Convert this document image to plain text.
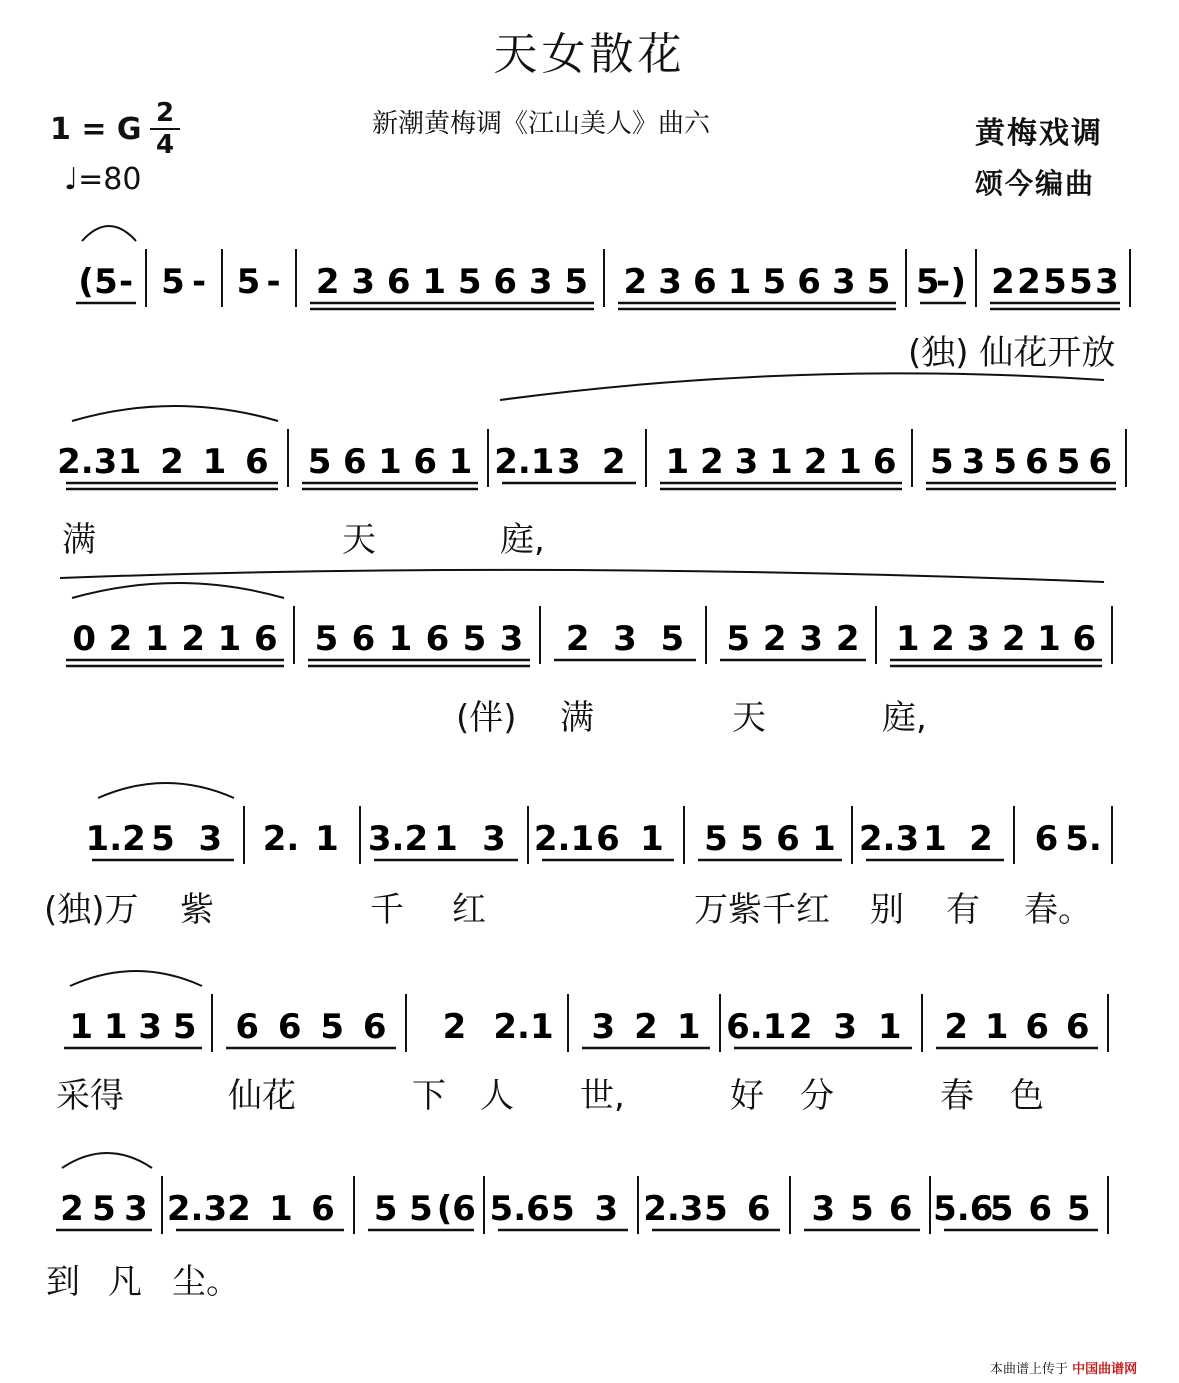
天女散花
新潮黄梅调《江山美人》曲六
1 = G 2
4
♩=80
黄梅戏调
颂今编曲
( 5 - 5 - 5 - 2 3 6 1 5 6 3 5 2 3 6 1 5 6 3 5 5
- ) 2 2 5 5 3
2.3 1 2 1 6 5 6 1 6 1 2.1 3 2 1 2 3 1 2 1 6 5 3 5 6 5 6
0 2 1 2 1 6 5 6 1 6 5 3 2 3 5 5 2 3 2 1 2 3 2 1 6
1.2 5 3 2. 1 3.2 1 3 2.1 6 1 5 5 6 1 2.3 1 2 6 5.
1 1 3 5 6 6 5 6 2 2.1 3 2 1 6.1 2 3 1 2 1 6 6
2 5 3 2.3 2 1 6 5 5 (6 5.6 5 3 2.3 5 6 3 5 6 5.6
5 6 5
(独) 仙花开放
满	天	庭,
(伴) 满	天	庭,
(独)万 紫	千 红	万紫千红 别 有 春。
采得	仙花	下 人 世,	好 分	春 色
到 凡 尘。
本曲谱上传于 中国曲谱网
